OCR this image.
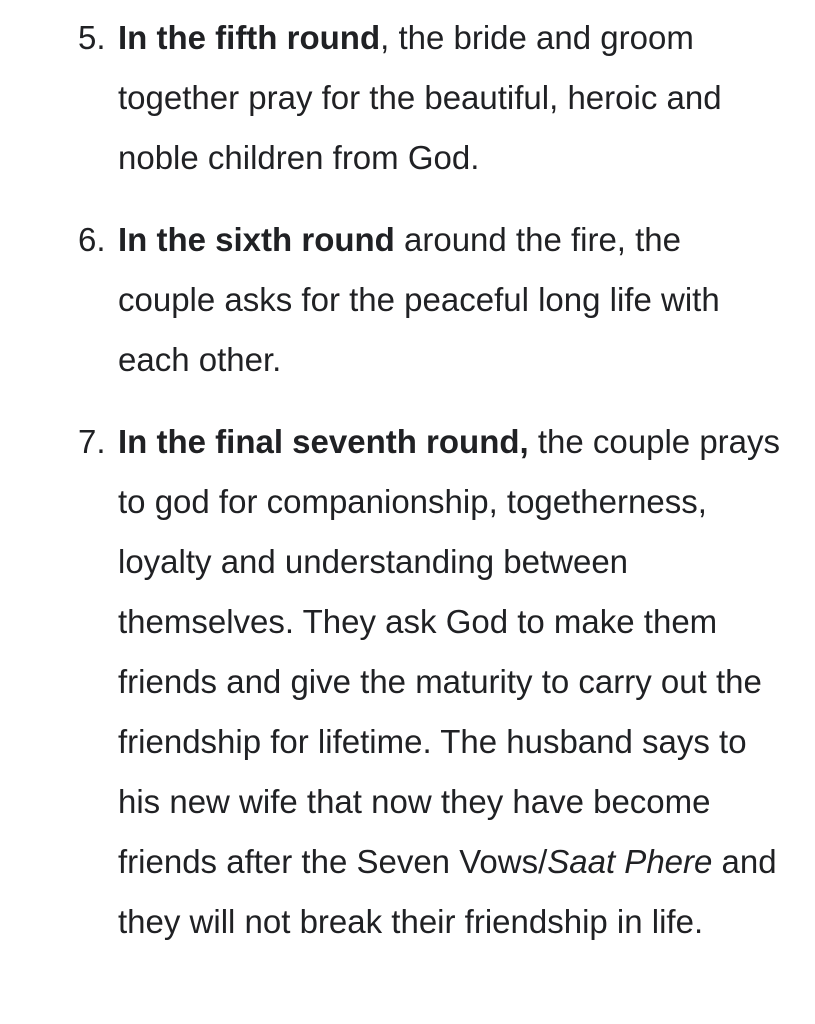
5. In the fifth round, the bride and groom together pray for the beautiful, heroic and noble children from God.
6. In the sixth round around the fire, the couple asks for the peaceful long life with each other.
7. In the final seventh round, the couple prays to god for companionship, togetherness, loyalty and understanding between themselves. They ask God to make them friends and give the maturity to carry out the friendship for lifetime. The husband says to his new wife that now they have become friends after the Seven Vows/Saat Phere and they will not break their friendship in life.
